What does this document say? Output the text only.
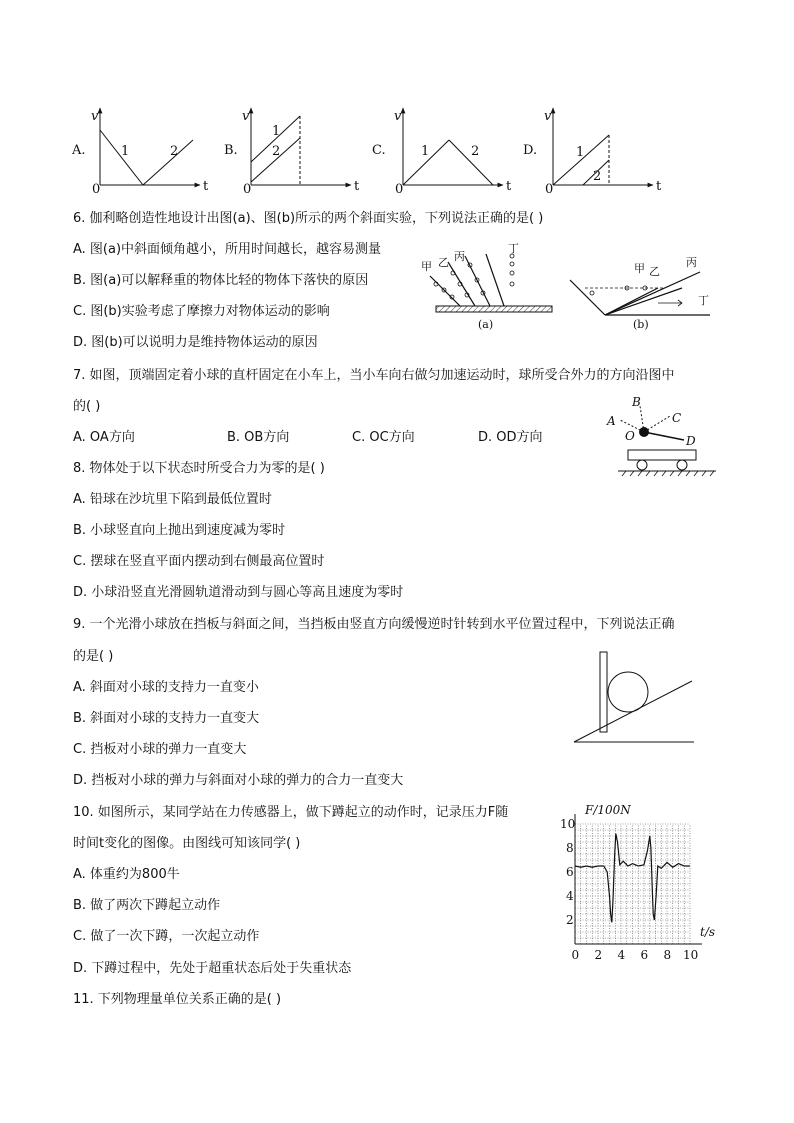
A.
v
0	t
1	2	B.
v
0	t
1
2	C.
v
0	t
1	2	D.
v
0	t
1
2
6. 伽利略创造性地设计出图(a)、图(b)所示的两个斜面实验，下列说法正确的是( )
A. 图(a)中斜面倾角越小，所用时间越长，越容易测量
B. 图(a)可以解释重的物体比轻的物体下落快的原因
C. 图(b)实验考虑了摩擦力对物体运动的影响
D. 图(b)可以说明力是维持物体运动的原因
甲 乙 丙
丁
(a)
甲 乙
丙
丁
(b)
7. 如图，顶端固定着小球的直杆固定在小车上，当小车向右做匀加速运动时，球所受合外力的方向沿图中
的( )
A. OA方向	B. OB方向	C. OC方向	D. OD方向
A
B
C
D
O
8. 物体处于以下状态时所受合力为零的是( )
A. 铅球在沙坑里下陷到最低位置时
B. 小球竖直向上抛出到速度减为零时
C. 摆球在竖直平面内摆动到右侧最高位置时
D. 小球沿竖直光滑圆轨道滑动到与圆心等高且速度为零时
9. 一个光滑小球放在挡板与斜面之间，当挡板由竖直方向缓慢逆时针转到水平位置过程中，下列说法正确
的是( )
A. 斜面对小球的支持力一直变小
B. 斜面对小球的支持力一直变大
C. 挡板对小球的弹力一直变大
D. 挡板对小球的弹力与斜面对小球的弹力的合力一直变大
10. 如图所示，某同学站在力传感器上，做下蹲起立的动作时，记录压力F随
时间t变化的图像。由图线可知该同学( )
A. 体重约为800牛
B. 做了两次下蹲起立动作
C. 做了一次下蹲，一次起立动作
D. 下蹲过程中，先处于超重状态后处于失重状态
0 2 4 6 8 10
2
4
6
8
10
F/100N
t/s
11. 下列物理量单位关系正确的是( )
